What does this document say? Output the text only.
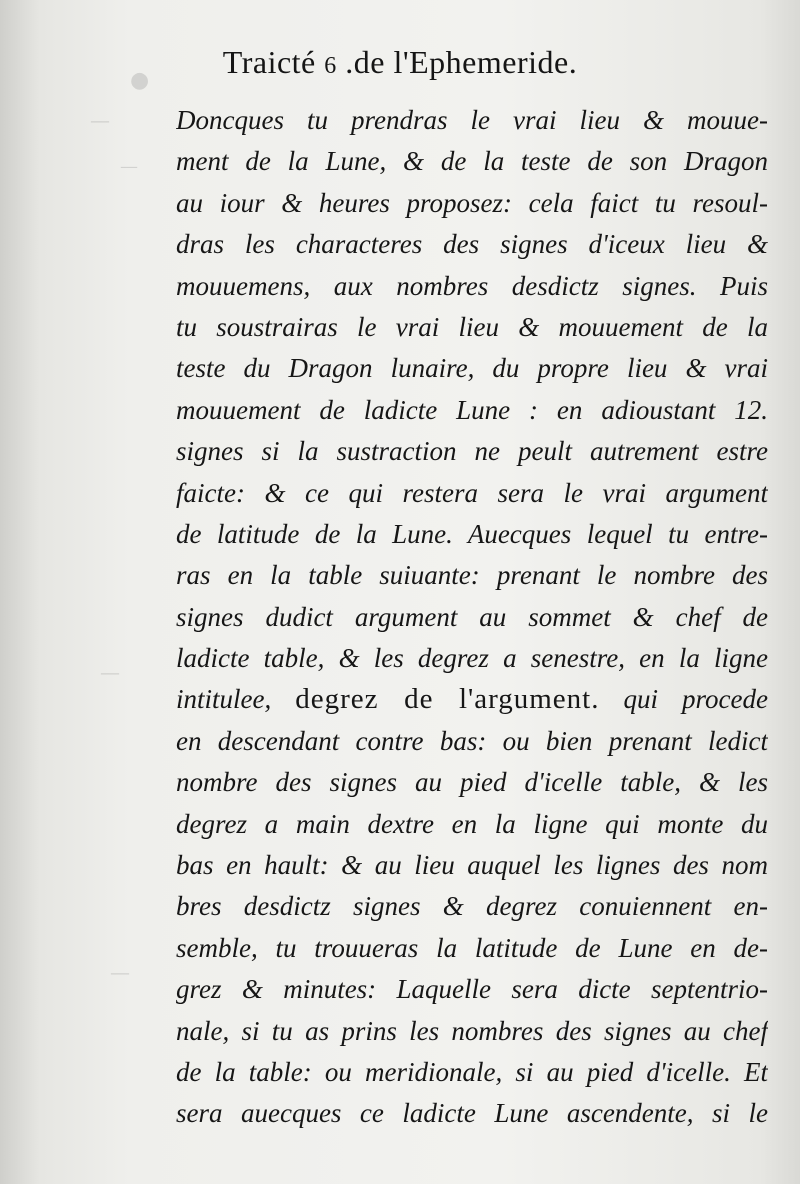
●
—
—
—
—
Traicté 6 .de l'Ephemeride.
Doncques tu prendras le vrai lieu & mouue-
ment de la Lune, & de la teste de son Dragon
au iour & heures proposez: cela faict tu resoul-
dras les characteres des signes d'iceux lieu &
mouuemens, aux nombres desdictz signes. Puis
tu soustrairas le vrai lieu & mouuement de la
teste du Dragon lunaire, du propre lieu & vrai
mouuement de ladicte Lune : en adioustant 12.
signes si la sustraction ne peult autrement estre
faicte: & ce qui restera sera le vrai argument
de latitude de la Lune. Auecques lequel tu entre-
ras en la table suiuante: prenant le nombre des
signes dudict argument au sommet & chef de
ladicte table, & les degrez a senestre, en la ligne
intitulee, degrez de l'argument. qui procede
en descendant contre bas: ou bien prenant ledict
nombre des signes au pied d'icelle table, & les
degrez a main dextre en la ligne qui monte du
bas en hault: & au lieu auquel les lignes des nom
bres desdictz signes & degrez conuiennent en-
semble, tu trouueras la latitude de Lune en de-
grez & minutes: Laquelle sera dicte septentrio-
nale, si tu as prins les nombres des signes au chef
de la table: ou meridionale, si au pied d'icelle. Et
sera auecques ce ladicte Lune ascendente, si le
